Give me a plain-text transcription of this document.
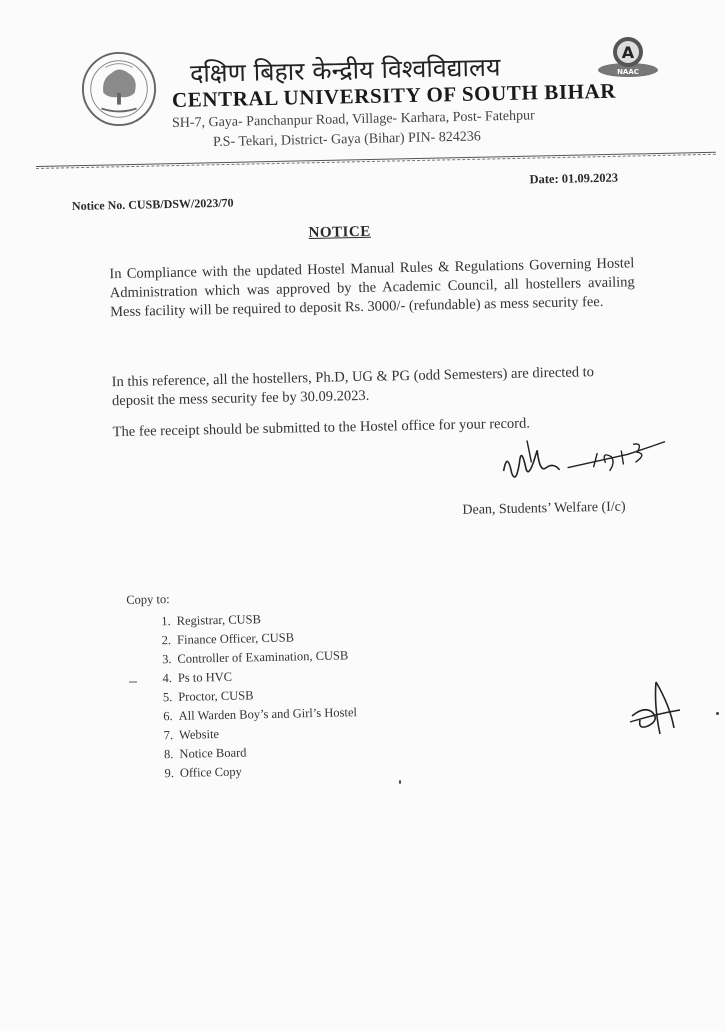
A
NAAC
दक्षिण बिहार केन्द्रीय विश्वविद्यालय
CENTRAL UNIVERSITY OF SOUTH BIHAR
SH-7, Gaya- Panchanpur Road, Village- Karhara, Post- Fatehpur
P.S- Tekari, District- Gaya (Bihar) PIN- 824236
Notice No. CUSB/DSW/2023/70
Date: 01.09.2023
NOTICE
In Compliance with the updated Hostel Manual Rules & Regulations Governing Hostel Administration which was approved by the Academic Council, all hostellers availing Mess facility will be required to deposit Rs. 3000/- (refundable) as mess security fee.
In this reference, all the hostellers, Ph.D, UG & PG (odd Semesters) are directed to deposit the mess security fee by 30.09.2023.
The fee receipt should be submitted to the Hostel office for your record.
Dean, Students’ Welfare (I/c)
Copy to:
1. Registrar, CUSB
2. Finance Officer, CUSB
3. Controller of Examination, CUSB
4. Ps to HVC
5. Proctor, CUSB
6. All Warden Boy’s and Girl’s Hostel
7. Website
8. Notice Board
9. Office Copy
